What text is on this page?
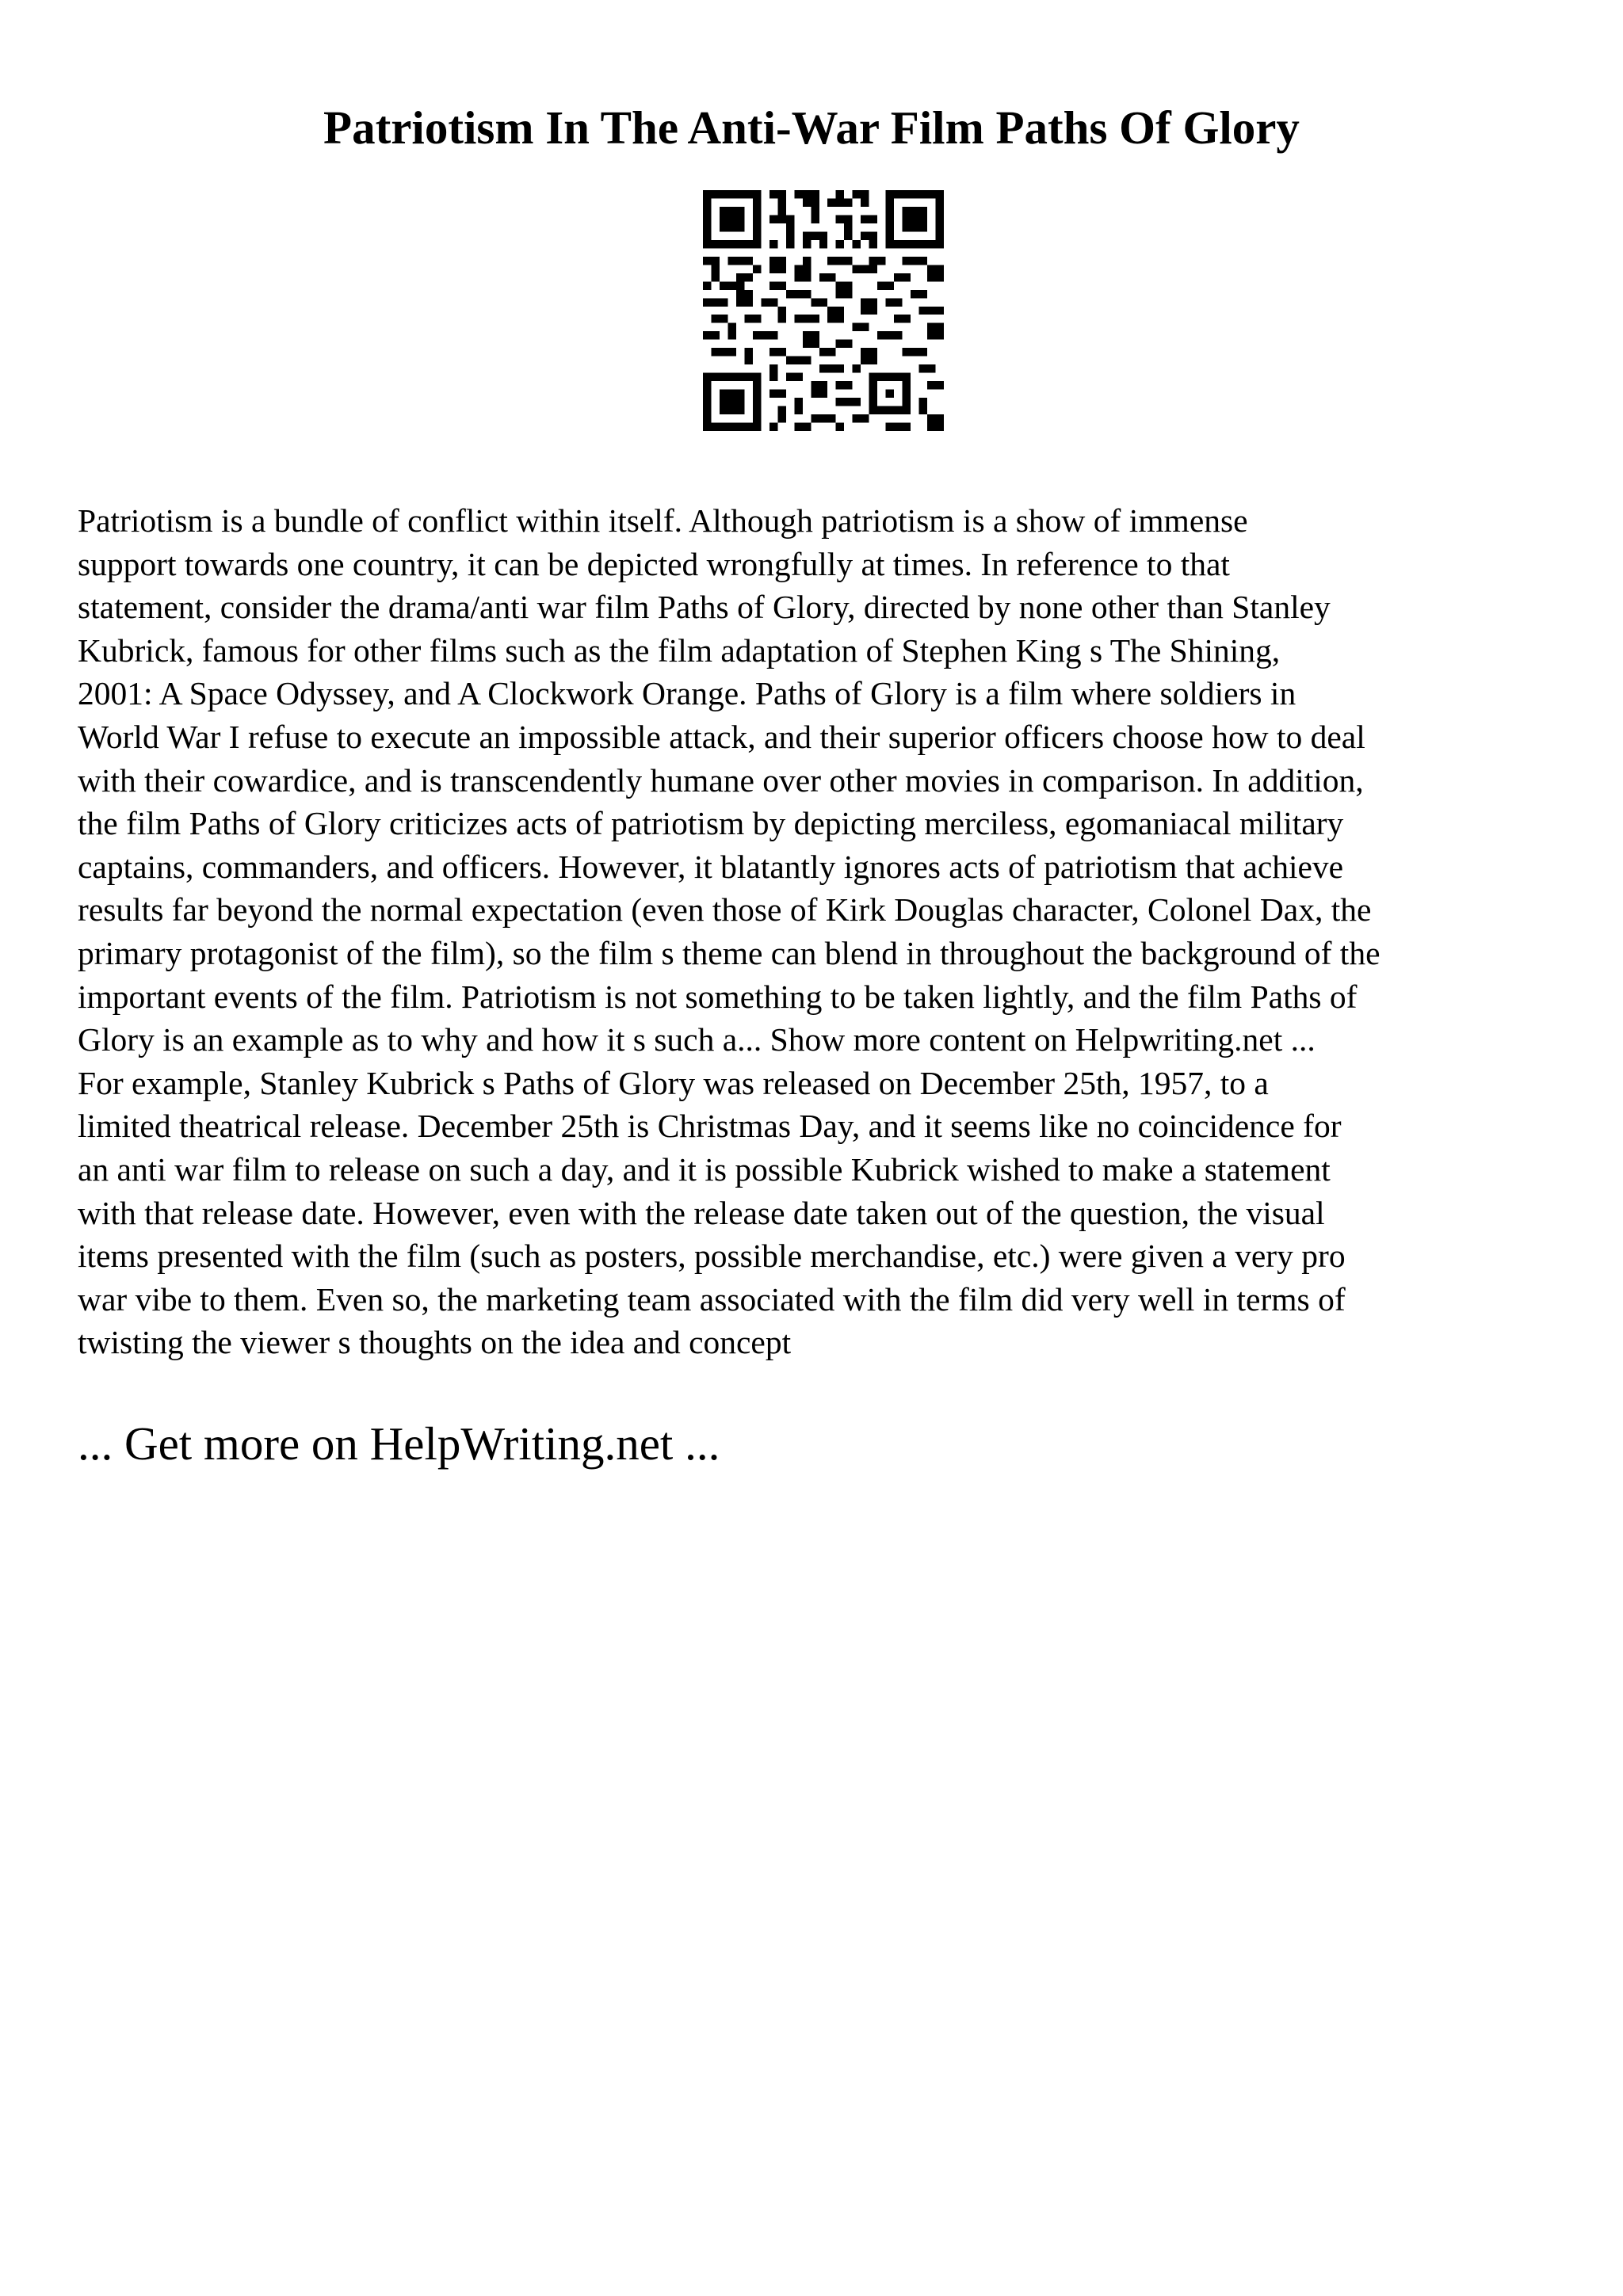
Patriotism In The Anti-War Film Paths Of Glory
Patriotism is a bundle of conflict within itself. Although patriotism is a show of immense
support towards one country, it can be depicted wrongfully at times. In reference to that
statement, consider the drama/anti war film Paths of Glory, directed by none other than Stanley
Kubrick, famous for other films such as the film adaptation of Stephen King s The Shining,
2001: A Space Odyssey, and A Clockwork Orange. Paths of Glory is a film where soldiers in
World War I refuse to execute an impossible attack, and their superior officers choose how to deal
with their cowardice, and is transcendently humane over other movies in comparison. In addition,
the film Paths of Glory criticizes acts of patriotism by depicting merciless, egomaniacal military
captains, commanders, and officers. However, it blatantly ignores acts of patriotism that achieve
results far beyond the normal expectation (even those of Kirk Douglas character, Colonel Dax, the
primary protagonist of the film), so the film s theme can blend in throughout the background of the
important events of the film. Patriotism is not something to be taken lightly, and the film Paths of
Glory is an example as to why and how it s such a... Show more content on Helpwriting.net ...
For example, Stanley Kubrick s Paths of Glory was released on December 25th, 1957, to a
limited theatrical release. December 25th is Christmas Day, and it seems like no coincidence for
an anti war film to release on such a day, and it is possible Kubrick wished to make a statement
with that release date. However, even with the release date taken out of the question, the visual
items presented with the film (such as posters, possible merchandise, etc.) were given a very pro
war vibe to them. Even so, the marketing team associated with the film did very well in terms of
twisting the viewer s thoughts on the idea and concept

... Get more on HelpWriting.net ...
